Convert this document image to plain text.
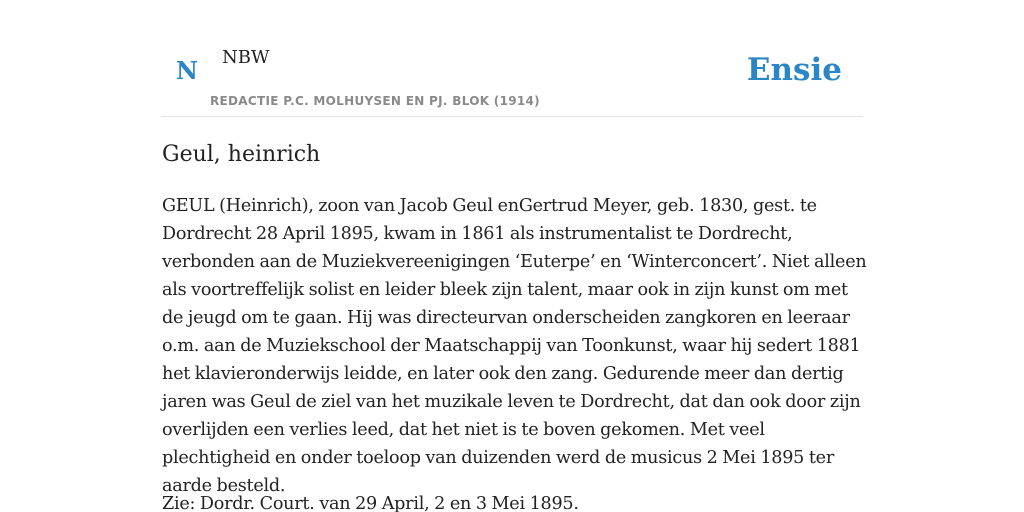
N NBW
REDACTIE P.C. MOLHUYSEN EN PJ. BLOK (1914)
Ensie
Geul, heinrich

GEUL (Heinrich), zoon van Jacob Geul enGertrud Meyer, geb. 1830, gest. te Dordrecht 28 April 1895, kwam in 1861 als instrumentalist te Dordrecht, verbonden aan de Muziekvereenigingen ‘Euterpe’ en ‘Winterconcert’. Niet alleen als voortreffelijk solist en leider bleek zijn talent, maar ook in zijn kunst om met de jeugd om te gaan. Hij was directeurvan onderscheiden zangkoren en leeraar o.m. aan de Muziekschool der Maatschappij van Toonkunst, waar hij sedert 1881 het klavieronderwijs leidde, en later ook den zang. Gedurende meer dan dertig jaren was Geul de ziel van het muzikale leven te Dordrecht, dat dan ook door zijn overlijden een verlies leed, dat het niet is te boven gekomen. Met veel plechtigheid en onder toeloop van duizenden werd de musicus 2 Mei 1895 ter aarde besteld.

Zie: Dordr. Court. van 29 April, 2 en 3 Mei 1895.
